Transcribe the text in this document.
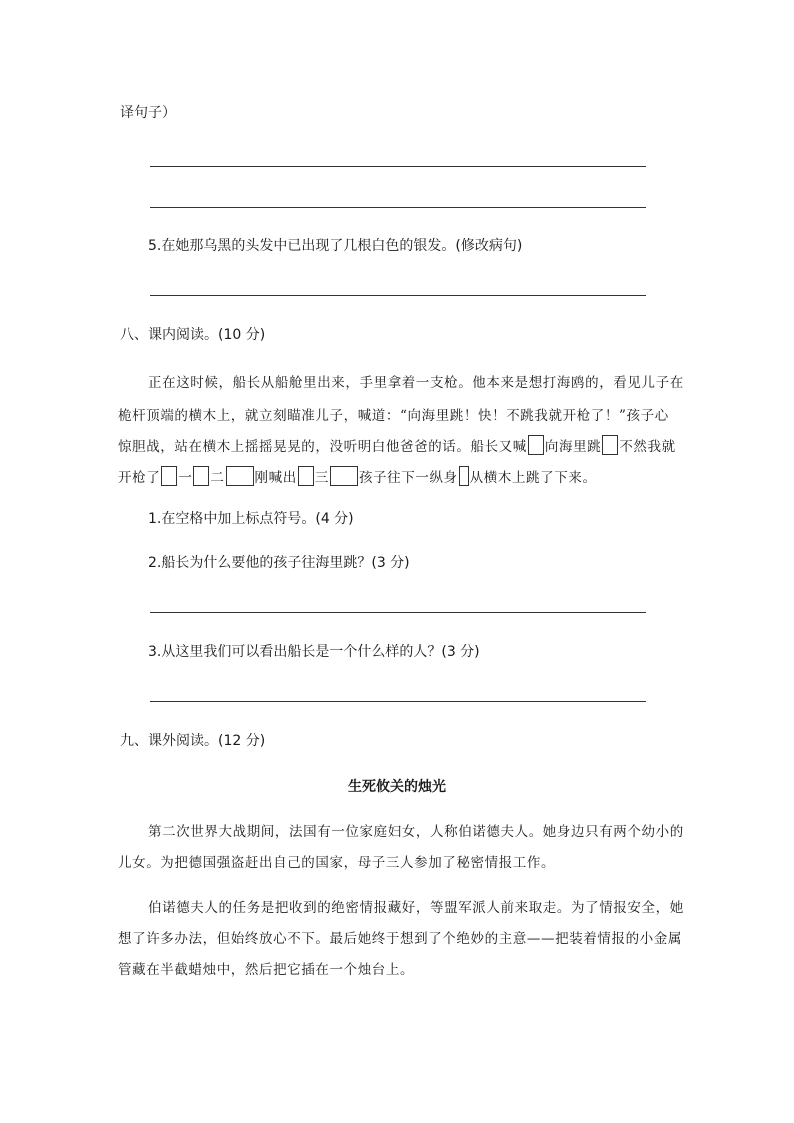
译句子）
5.在她那乌黑的头发中已出现了几根白色的银发。(修改病句)
八、课内阅读。(10 分)
正在这时候，船长从船舱里出来，手里拿着一支枪。他本来是想打海鸥的，看见儿子在
桅杆顶端的横木上，就立刻瞄准儿子，喊道：“向海里跳！快！不跳我就开枪了！”孩子心
惊胆战，站在横木上摇摇晃晃的，没听明白他爸爸的话。船长又喊 向海里跳 不然我就
开枪了 一 二 刚喊出 三 孩子往下一纵身 从横木上跳了下来。
1.在空格中加上标点符号。(4 分)
2.船长为什么要他的孩子往海里跳？(3 分)
3.从这里我们可以看出船长是一个什么样的人？(3 分)
九、课外阅读。(12 分)
生死攸关的烛光
第二次世界大战期间，法国有一位家庭妇女，人称伯诺德夫人。她身边只有两个幼小的
儿女。为把德国强盗赶出自己的国家，母子三人参加了秘密情报工作。
伯诺德夫人的任务是把收到的绝密情报藏好，等盟军派人前来取走。为了情报安全，她
想了许多办法，但始终放心不下。最后她终于想到了个绝妙的主意——把装着情报的小金属
管藏在半截蜡烛中，然后把它插在一个烛台上。
